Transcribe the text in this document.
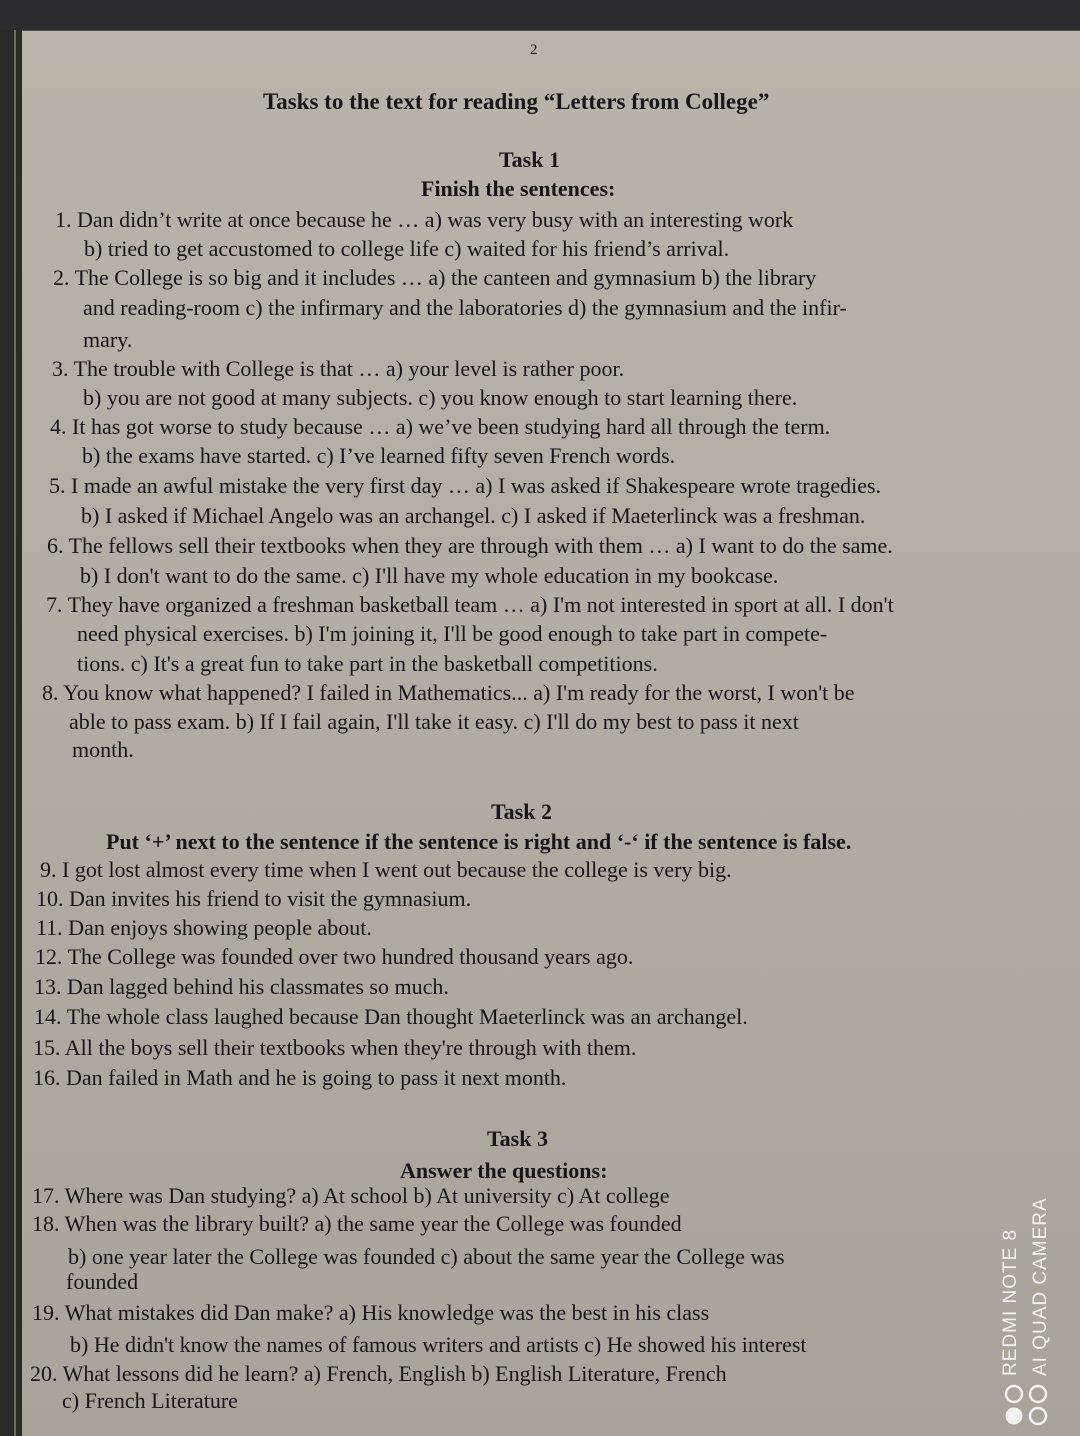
2
Tasks to the text for reading “Letters from College”
Task 1
Finish the sentences:
1. Dan didn’t write at once because he … a) was very busy with an interesting work
b) tried to get accustomed to college life c) waited for his friend’s arrival.
2. The College is so big and it includes … a) the canteen and gymnasium b) the library
and reading-room c) the infirmary and the laboratories d) the gymnasium and the infir-
mary.
3. The trouble with College is that … a) your level is rather poor.
b) you are not good at many subjects. c) you know enough to start learning there.
4. It has got worse to study because … a) we’ve been studying hard all through the term.
b) the exams have started. c) I’ve learned fifty seven French words.
5. I made an awful mistake the very first day … a) I was asked if Shakespeare wrote tragedies.
b) I asked if Michael Angelo was an archangel. c) I asked if Maeterlinck was a freshman.
6. The fellows sell their textbooks when they are through with them … a) I want to do the same.
b) I don't want to do the same. c) I'll have my whole education in my bookcase.
7. They have organized a freshman basketball team … a) I'm not interested in sport at all. I don't
need physical exercises. b) I'm joining it, I'll be good enough to take part in compete-
tions. c) It's a great fun to take part in the basketball competitions.
8. You know what happened? I failed in Mathematics... a) I'm ready for the worst, I won't be
able to pass exam. b) If I fail again, I'll take it easy. c) I'll do my best to pass it next
month.
Task 2
Put ‘+’ next to the sentence if the sentence is right and ‘-‘ if the sentence is false.
9. I got lost almost every time when I went out because the college is very big.
10. Dan invites his friend to visit the gymnasium.
11. Dan enjoys showing people about.
12. The College was founded over two hundred thousand years ago.
13. Dan lagged behind his classmates so much.
14. The whole class laughed because Dan thought Maeterlinck was an archangel.
15. All the boys sell their textbooks when they're through with them.
16. Dan failed in Math and he is going to pass it next month.
Task 3
Answer the questions:
17. Where was Dan studying? a) At school b) At university c) At college
18. When was the library built? a) the same year the College was founded
b) one year later the College was founded c) about the same year the College was
founded
19. What mistakes did Dan make? a) His knowledge was the best in his class
b) He didn't know the names of famous writers and artists c) He showed his interest
20. What lessons did he learn? a) French, English b) English Literature, French
c) French Literature
REDMI NOTE 8 AI QUAD CAMERA
